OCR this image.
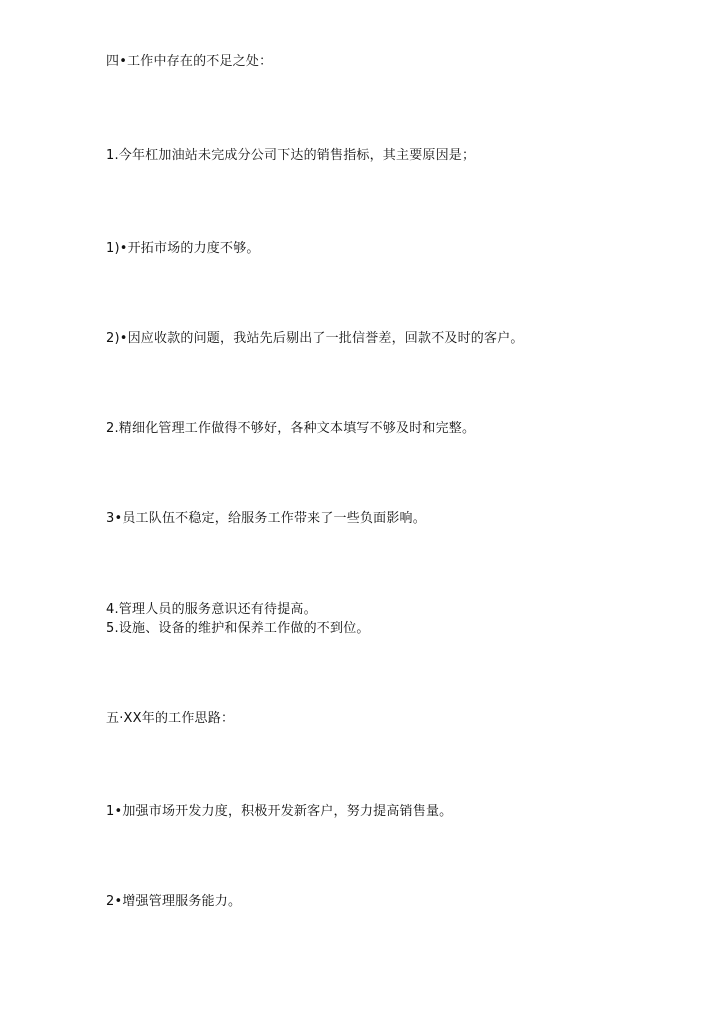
四•工作中存在的不足之处：
1.今年杠加油站未完成分公司下达的销售指标，其主要原因是；
1)•开拓市场的力度不够。
2)•因应收款的问题，我站先后剔出了一批信誉差，回款不及时的客户。
2.精细化管理工作做得不够好，各种文本填写不够及时和完整。
3•员工队伍不稳定，给服务工作带来了一些负面影响。
4.管理人员的服务意识还有待提高。
5.设施、设备的维护和保养工作做的不到位。
五·XX年的工作思路：
1•加强市场开发力度，积极开发新客户，努力提高销售量。
2•增强管理服务能力。
